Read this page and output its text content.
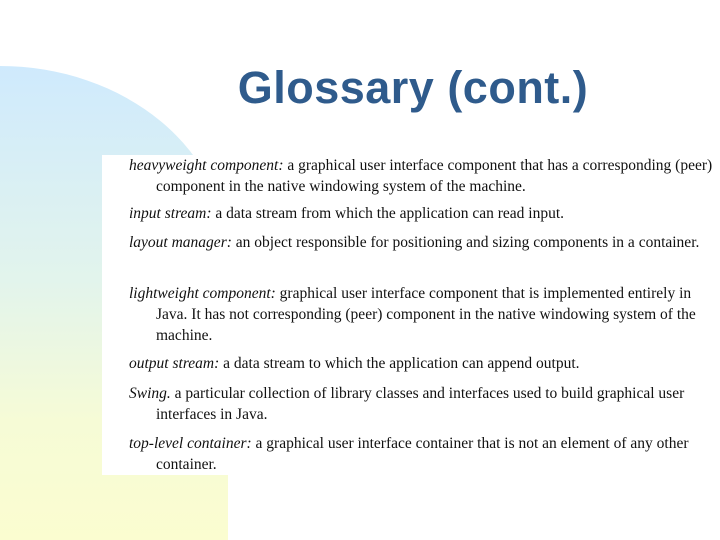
Glossary (cont.)

heavyweight component: a graphical user interface component that has a corresponding (peer) component in the native windowing system of the machine.

input stream: a data stream from which the application can read input.

layout manager: an object responsible for positioning and sizing components in a container.

lightweight component: graphical user interface component that is implemented entirely in Java. It has not corresponding (peer) component in the native windowing system of the machine.

output stream: a data stream to which the application can append output.

Swing. a particular collection of library classes and interfaces used to build graphical user interfaces in Java.

top-level container: a graphical user interface container that is not an element of any other container.
